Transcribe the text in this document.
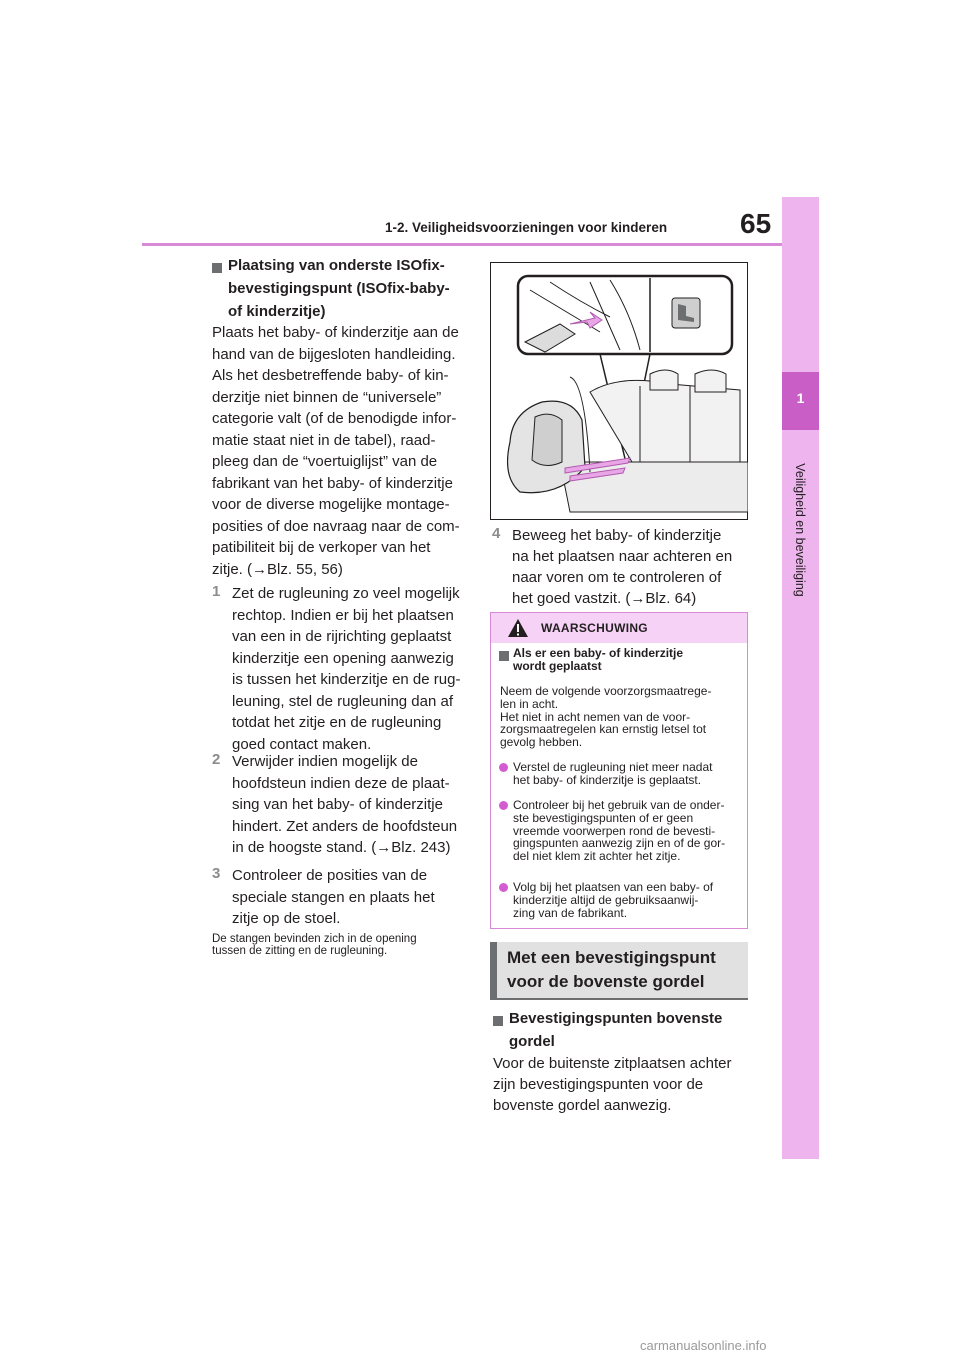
1-2. Veiligheidsvoorzieningen voor kinderen	65
1
Veiligheid en beveiliging
Plaatsing van onderste ISOfix-
bevestigingspunt (ISOfix-baby-
of kinderzitje)
Plaats het baby- of kinderzitje aan de
hand van de bijgesloten handleiding.
Als het desbetreffende baby- of kin-
derzitje niet binnen de “universele”
categorie valt (of de benodigde infor-
matie staat niet in de tabel), raad-
pleeg dan de “voertuiglijst” van de
fabrikant van het baby- of kinderzitje
voor de diverse mogelijke montage-
posities of doe navraag naar de com-
patibiliteit bij de verkoper van het
zitje. (→Blz. 55, 56)
1 Zet de rugleuning zo veel mogelijk
rechtop. Indien er bij het plaatsen
van een in de rijrichting geplaatst
kinderzitje een opening aanwezig
is tussen het kinderzitje en de rug-
leuning, stel de rugleuning dan af
totdat het zitje en de rugleuning
goed contact maken.
2 Verwijder indien mogelijk de
hoofdsteun indien deze de plaat-
sing van het baby- of kinderzitje
hindert. Zet anders de hoofdsteun
in de hoogste stand. (→Blz. 243)
3 Controleer de posities van de
speciale stangen en plaats het
zitje op de stoel.
De stangen bevinden zich in de opening
tussen de zitting en de rugleuning.
4 Beweeg het baby- of kinderzitje
na het plaatsen naar achteren en
naar voren om te controleren of
het goed vastzit. (→Blz. 64)
WAARSCHUWING
Als er een baby- of kinderzitje
wordt geplaatst
Neem de volgende voorzorgsmaatrege-
len in acht.
Het niet in acht nemen van de voor-
zorgsmaatregelen kan ernstig letsel tot
gevolg hebben.
Verstel de rugleuning niet meer nadat
het baby- of kinderzitje is geplaatst.
Controleer bij het gebruik van de onder-
ste bevestigingspunten of er geen
vreemde voorwerpen rond de bevesti-
gingspunten aanwezig zijn en of de gor-
del niet klem zit achter het zitje.
Volg bij het plaatsen van een baby- of
kinderzitje altijd de gebruiksaanwij-
zing van de fabrikant.
Met een bevestigingspunt
voor de bovenste gordel
Bevestigingspunten bovenste
gordel
Voor de buitenste zitplaatsen achter
zijn bevestigingspunten voor de
bovenste gordel aanwezig.
carmanualsonline.info
